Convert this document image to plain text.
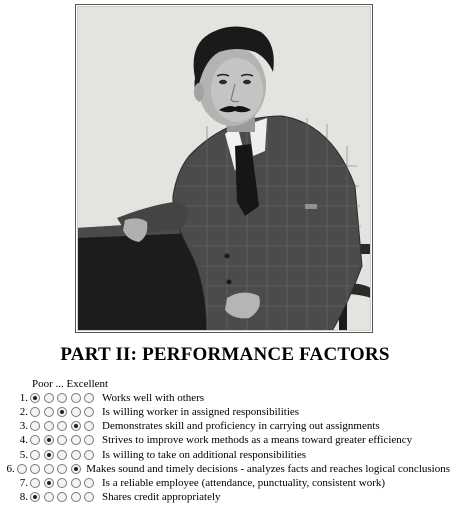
PART II: PERFORMANCE FACTORS
Poor ... Excellent
1.	Works well with others
2.	Is willing worker in assigned responsibilities
3.	Demonstrates skill and proficiency in carrying out assignments
4.	Strives to improve work methods as a means toward greater efficiency
5.	Is willing to take on additional responsibilities
6.	Makes sound and timely decisions - analyzes facts and reaches logical conclusions
7.	Is a reliable employee (attendance, punctuality, consistent work)
8.	Shares credit appropriately
